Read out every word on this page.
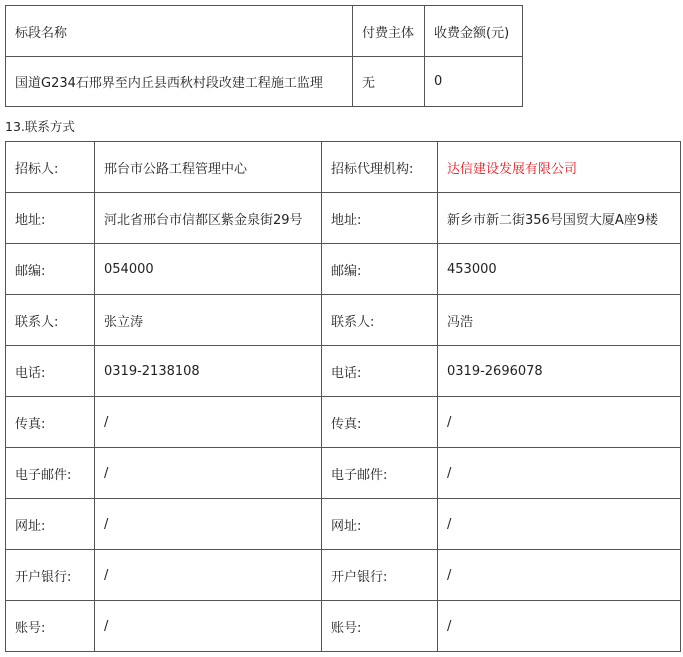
标段名称	付费主体	收费金额(元)
国道G234石邢界至内丘县西秋村段改建工程施工监理	无	0
13.联系方式
招标人:	邢台市公路工程管理中心	招标代理机构:	达信建设发展有限公司
地址:	河北省邢台市信都区紫金泉街29号	地址:	新乡市新二街356号国贸大厦A座9楼
邮编:	054000	邮编:	453000
联系人:	张立涛	联系人:	冯浩
电话:	0319-2138108	电话:	0319-2696078
传真:	/	传真:	/
电子邮件:	/	电子邮件:	/
网址:	/	网址:	/
开户银行:	/	开户银行:	/
账号:	/	账号:	/
